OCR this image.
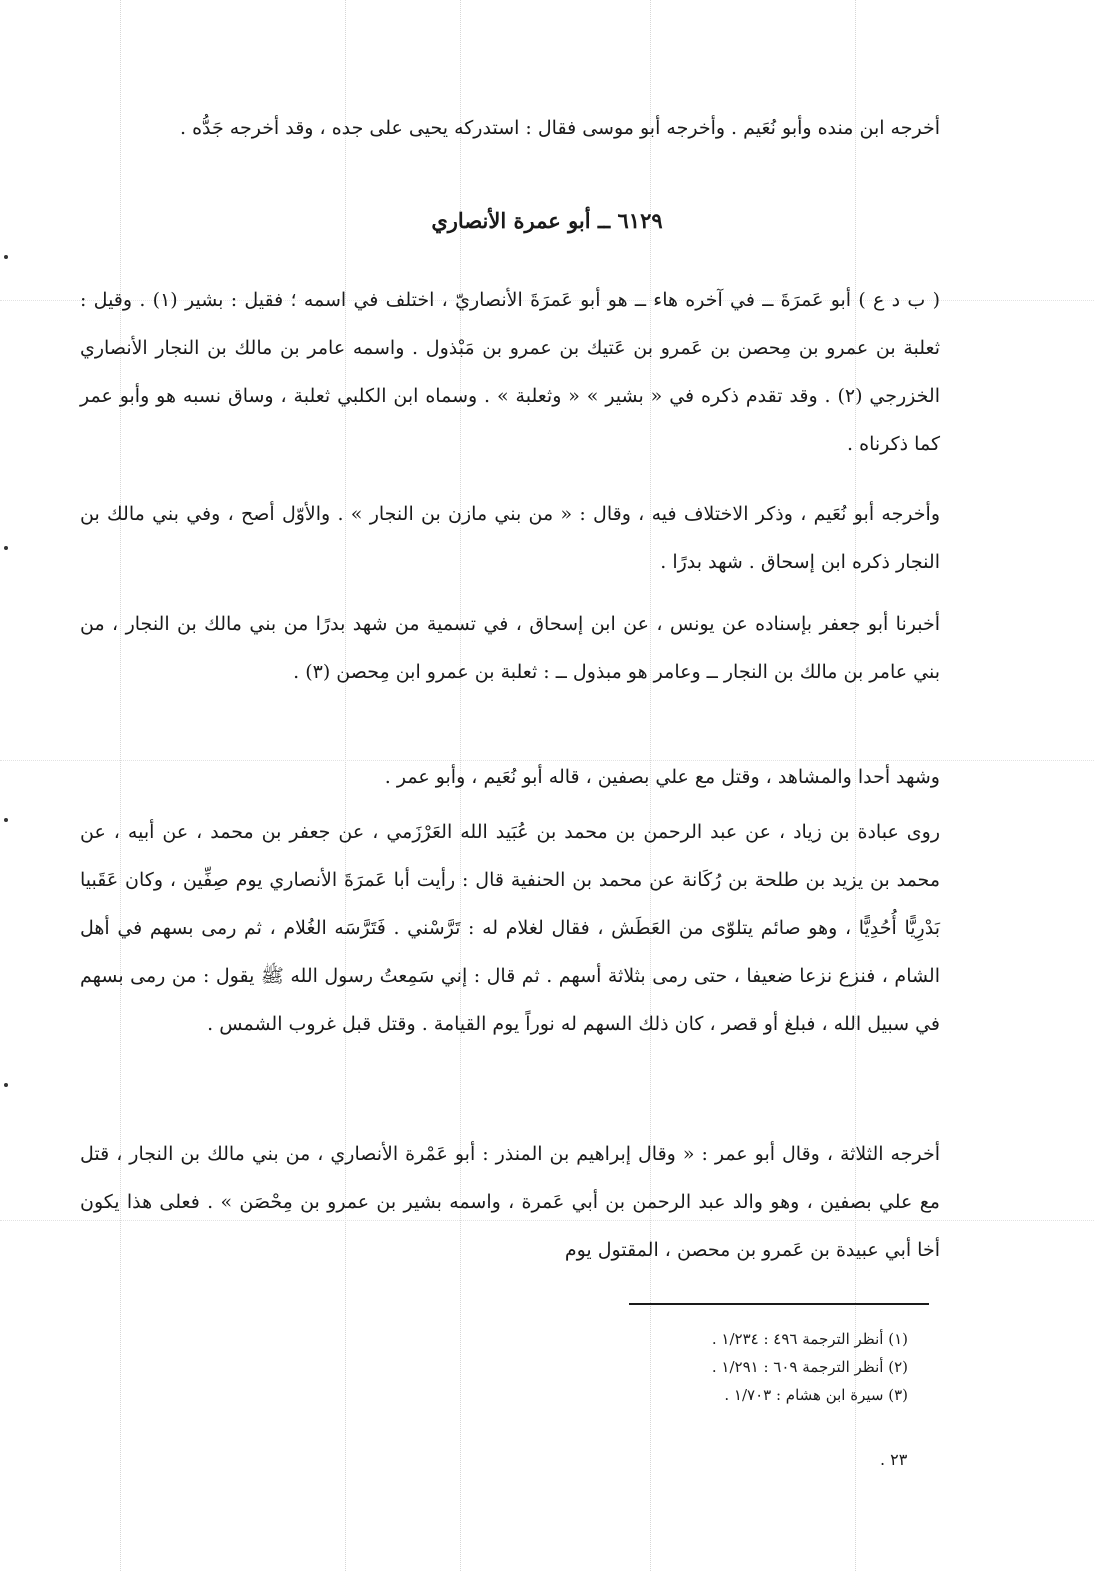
أخرجه ابن منده وأبو نُعَيم . وأخرجه أبو موسى فقال : استدركه يحيى على جده ، وقد أخرجه جَدُّه .

٦١٢٩ ــ أبو عمرة الأنصاري

( ب د ع ) أبو عَمرَةَ ــ في آخره هاء ــ هو أبو عَمرَةَ الأنصاريّ ، اختلف في اسمه ؛ فقيل : بشير (١) . وقيل : ثعلبة بن عمرو بن مِحصن بن عَمرو بن عَتيك بن عمرو بن مَبْذول . واسمه عامر بن مالك بن النجار الأنصاري الخزرجي (٢) . وقد تقدم ذكره في « بشير » « وثعلبة » . وسماه ابن الكلبي ثعلبة ، وساق نسبه هو وأبو عمر كما ذكرناه .

وأخرجه أبو نُعَيم ، وذكر الاختلاف فيه ، وقال : « من بني مازن بن النجار » . والأوّل أصح ، وفي بني مالك بن النجار ذكره ابن إسحاق . شهد بدرًا .

أخبرنا أبو جعفر بإسناده عن يونس ، عن ابن إسحاق ، في تسمية من شهد بدرًا من بني مالك بن النجار ، من بني عامر بن مالك بن النجار ــ وعامر هو مبذول ــ : ثعلبة بن عمرو ابن مِحصن (٣) .

وشهد أحدا والمشاهد ، وقتل مع علي بصفين ، قاله أبو نُعَيم ، وأبو عمر .

روى عبادة بن زياد ، عن عبد الرحمن بن محمد بن عُبَيد الله العَرْزَمي ، عن جعفر بن محمد ، عن أبيه ، عن محمد بن يزيد بن طلحة بن رُكَانة عن محمد بن الحنفية قال : رأيت أبا عَمرَةَ الأنصاري يوم صِفِّين ، وكان عَقَبيا بَدْرِيًّا أُحُدِيًّا ، وهو صائم يتلوّى من العَطَش ، فقال لغلام له : تَرَّسْني . فَتَرَّسَه الغُلام ، ثم رمى بسهم في أهل الشام ، فنزع نزعا ضعيفا ، حتى رمى بثلاثة أسهم . ثم قال : إني سَمِعتُ رسول الله ﷺ يقول : من رمى بسهم في سبيل الله ، فبلغ أو قصر ، كان ذلك السهم له نوراً يوم القيامة . وقتل قبل غروب الشمس .

أخرجه الثلاثة ، وقال أبو عمر : « وقال إبراهيم بن المنذر : أبو عَمْرة الأنصاري ، من بني مالك بن النجار ، قتل مع علي بصفين ، وهو والد عبد الرحمن بن أبي عَمرة ، واسمه بشير بن عمرو بن مِحْصَن » . فعلى هذا يكون أخا أبي عبيدة بن عَمرو بن محصن ، المقتول يوم

(١) أنظر الترجمة ٤٩٦ : ١/٢٣٤ .
(٢) أنظر الترجمة ٦٠٩ : ١/٢٩١ .
(٣) سيرة ابن هشام : ١/٧٠٣ .
٢٣ .
